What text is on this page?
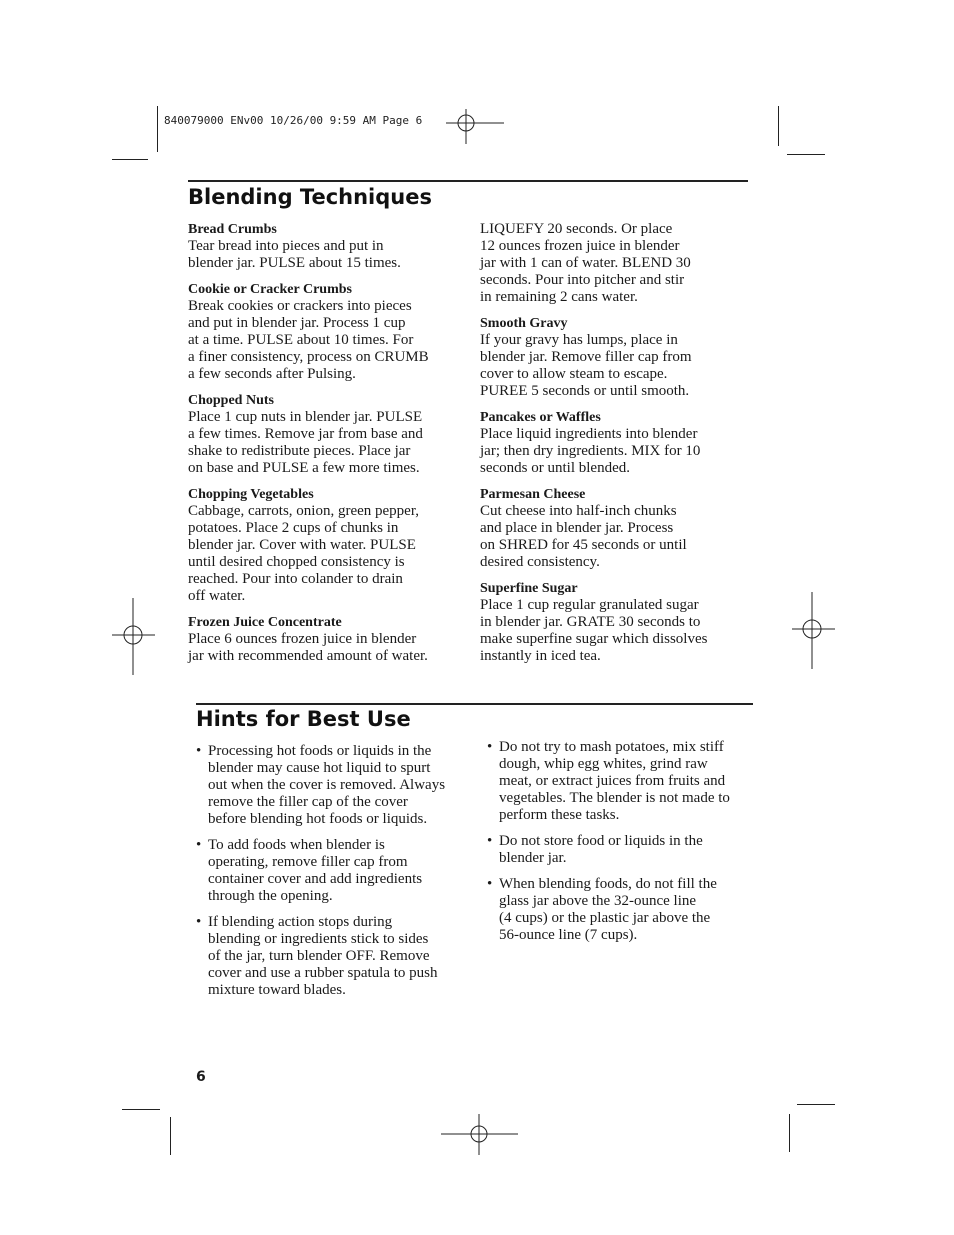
840079000 ENv00 10/26/00 9:59 AM Page 6
Blending Techniques
Bread Crumbs
Tear bread into pieces and put in
blender jar. PULSE about 15 times.
Cookie or Cracker Crumbs
Break cookies or crackers into pieces
and put in blender jar. Process 1 cup
at a time. PULSE about 10 times. For
a finer consistency, process on CRUMB
a few seconds after Pulsing.
Chopped Nuts
Place 1 cup nuts in blender jar. PULSE
a few times. Remove jar from base and
shake to redistribute pieces. Place jar
on base and PULSE a few more times.
Chopping Vegetables
Cabbage, carrots, onion, green pepper,
potatoes. Place 2 cups of chunks in
blender jar. Cover with water. PULSE
until desired chopped consistency is
reached. Pour into colander to drain
off water.
Frozen Juice Concentrate
Place 6 ounces frozen juice in blender
jar with recommended amount of water.
LIQUEFY 20 seconds. Or place
12 ounces frozen juice in blender
jar with 1 can of water. BLEND 30
seconds. Pour into pitcher and stir
in remaining 2 cans water.
Smooth Gravy
If your gravy has lumps, place in
blender jar. Remove filler cap from
cover to allow steam to escape.
PUREE 5 seconds or until smooth.
Pancakes or Waffles
Place liquid ingredients into blender
jar; then dry ingredients. MIX for 10
seconds or until blended.
Parmesan Cheese
Cut cheese into half-inch chunks
and place in blender jar. Process
on SHRED for 45 seconds or until
desired consistency.
Superfine Sugar
Place 1 cup regular granulated sugar
in blender jar. GRATE 30 seconds to
make superfine sugar which dissolves
instantly in iced tea.
Hints for Best Use
• Processing hot foods or liquids in the
blender may cause hot liquid to spurt
out when the cover is removed. Always
remove the filler cap of the cover
before blending hot foods or liquids.
• To add foods when blender is
operating, remove filler cap from
container cover and add ingredients
through the opening.
• If blending action stops during
blending or ingredients stick to sides
of the jar, turn blender OFF. Remove
cover and use a rubber spatula to push
mixture toward blades.
• Do not try to mash potatoes, mix stiff
dough, whip egg whites, grind raw
meat, or extract juices from fruits and
vegetables. The blender is not made to
perform these tasks.
• Do not store food or liquids in the
blender jar.
• When blending foods, do not fill the
glass jar above the 32-ounce line
(4 cups) or the plastic jar above the
56-ounce line (7 cups).
6
